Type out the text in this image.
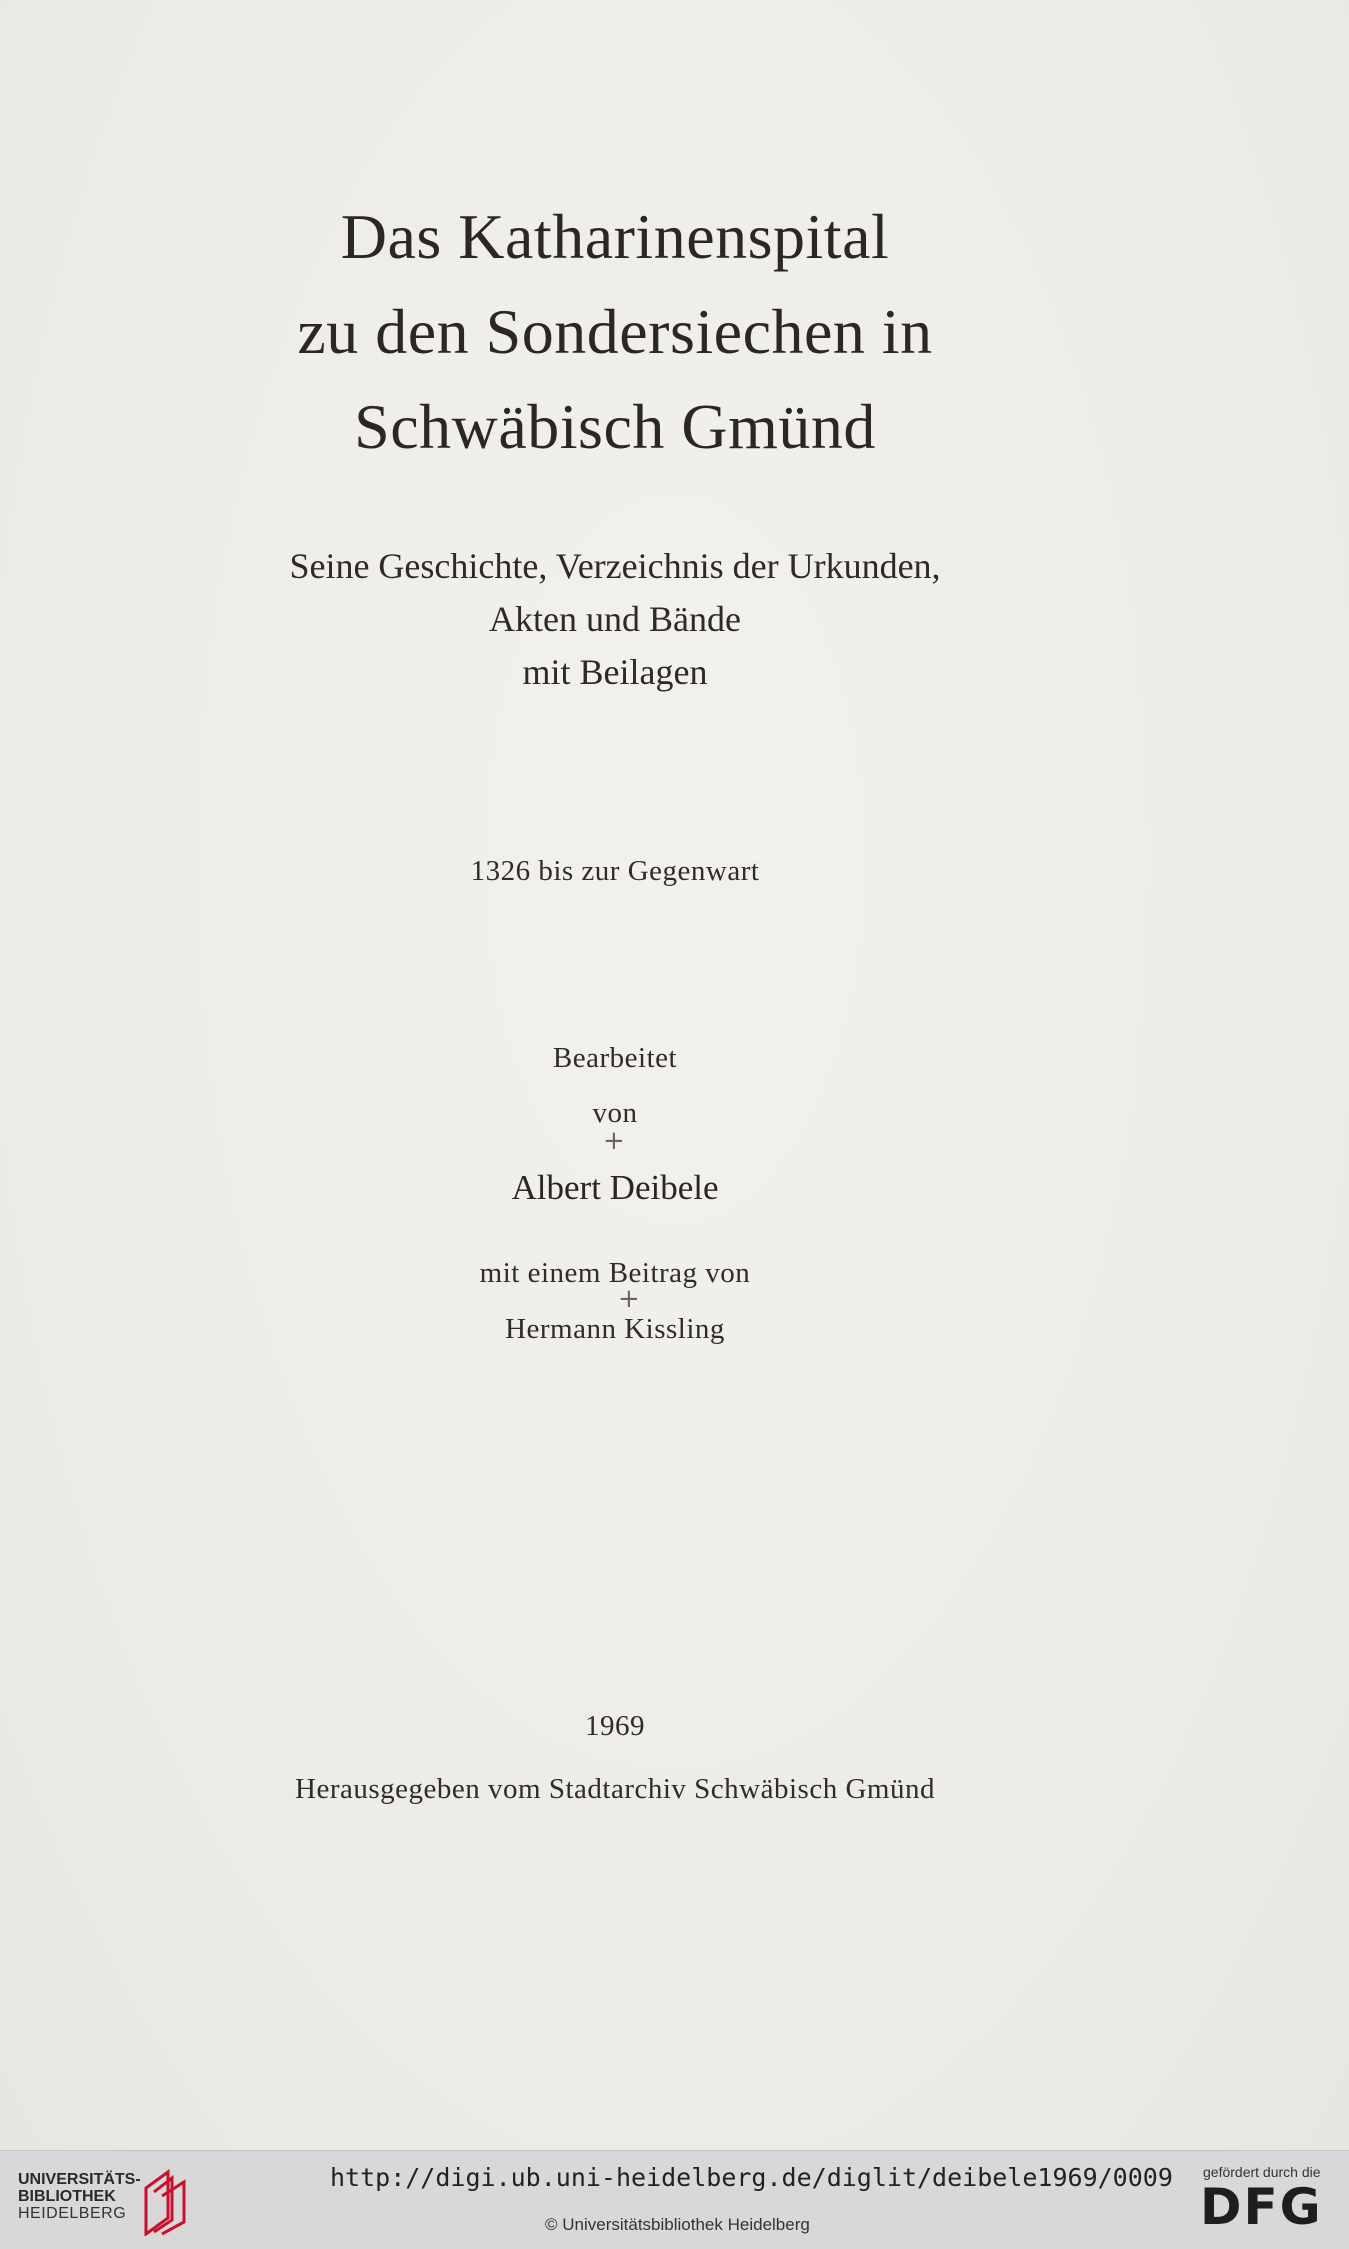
Das Katharinenspital
zu den Sondersiechen in
Schwäbisch Gmünd
Seine Geschichte, Verzeichnis der Urkunden,
Akten und Bände
mit Beilagen
1326 bis zur Gegenwart
Bearbeitet
von
+
Albert Deibele
mit einem Beitrag von
+
Hermann Kissling
1969
Herausgegeben vom Stadtarchiv Schwäbisch Gmünd
UNIVERSITÄTS-
BIBLIOTHEK
HEIDELBERG
http://digi.ub.uni-heidelberg.de/diglit/deibele1969/0009
© Universitätsbibliothek Heidelberg
gefördert durch die
DFG
